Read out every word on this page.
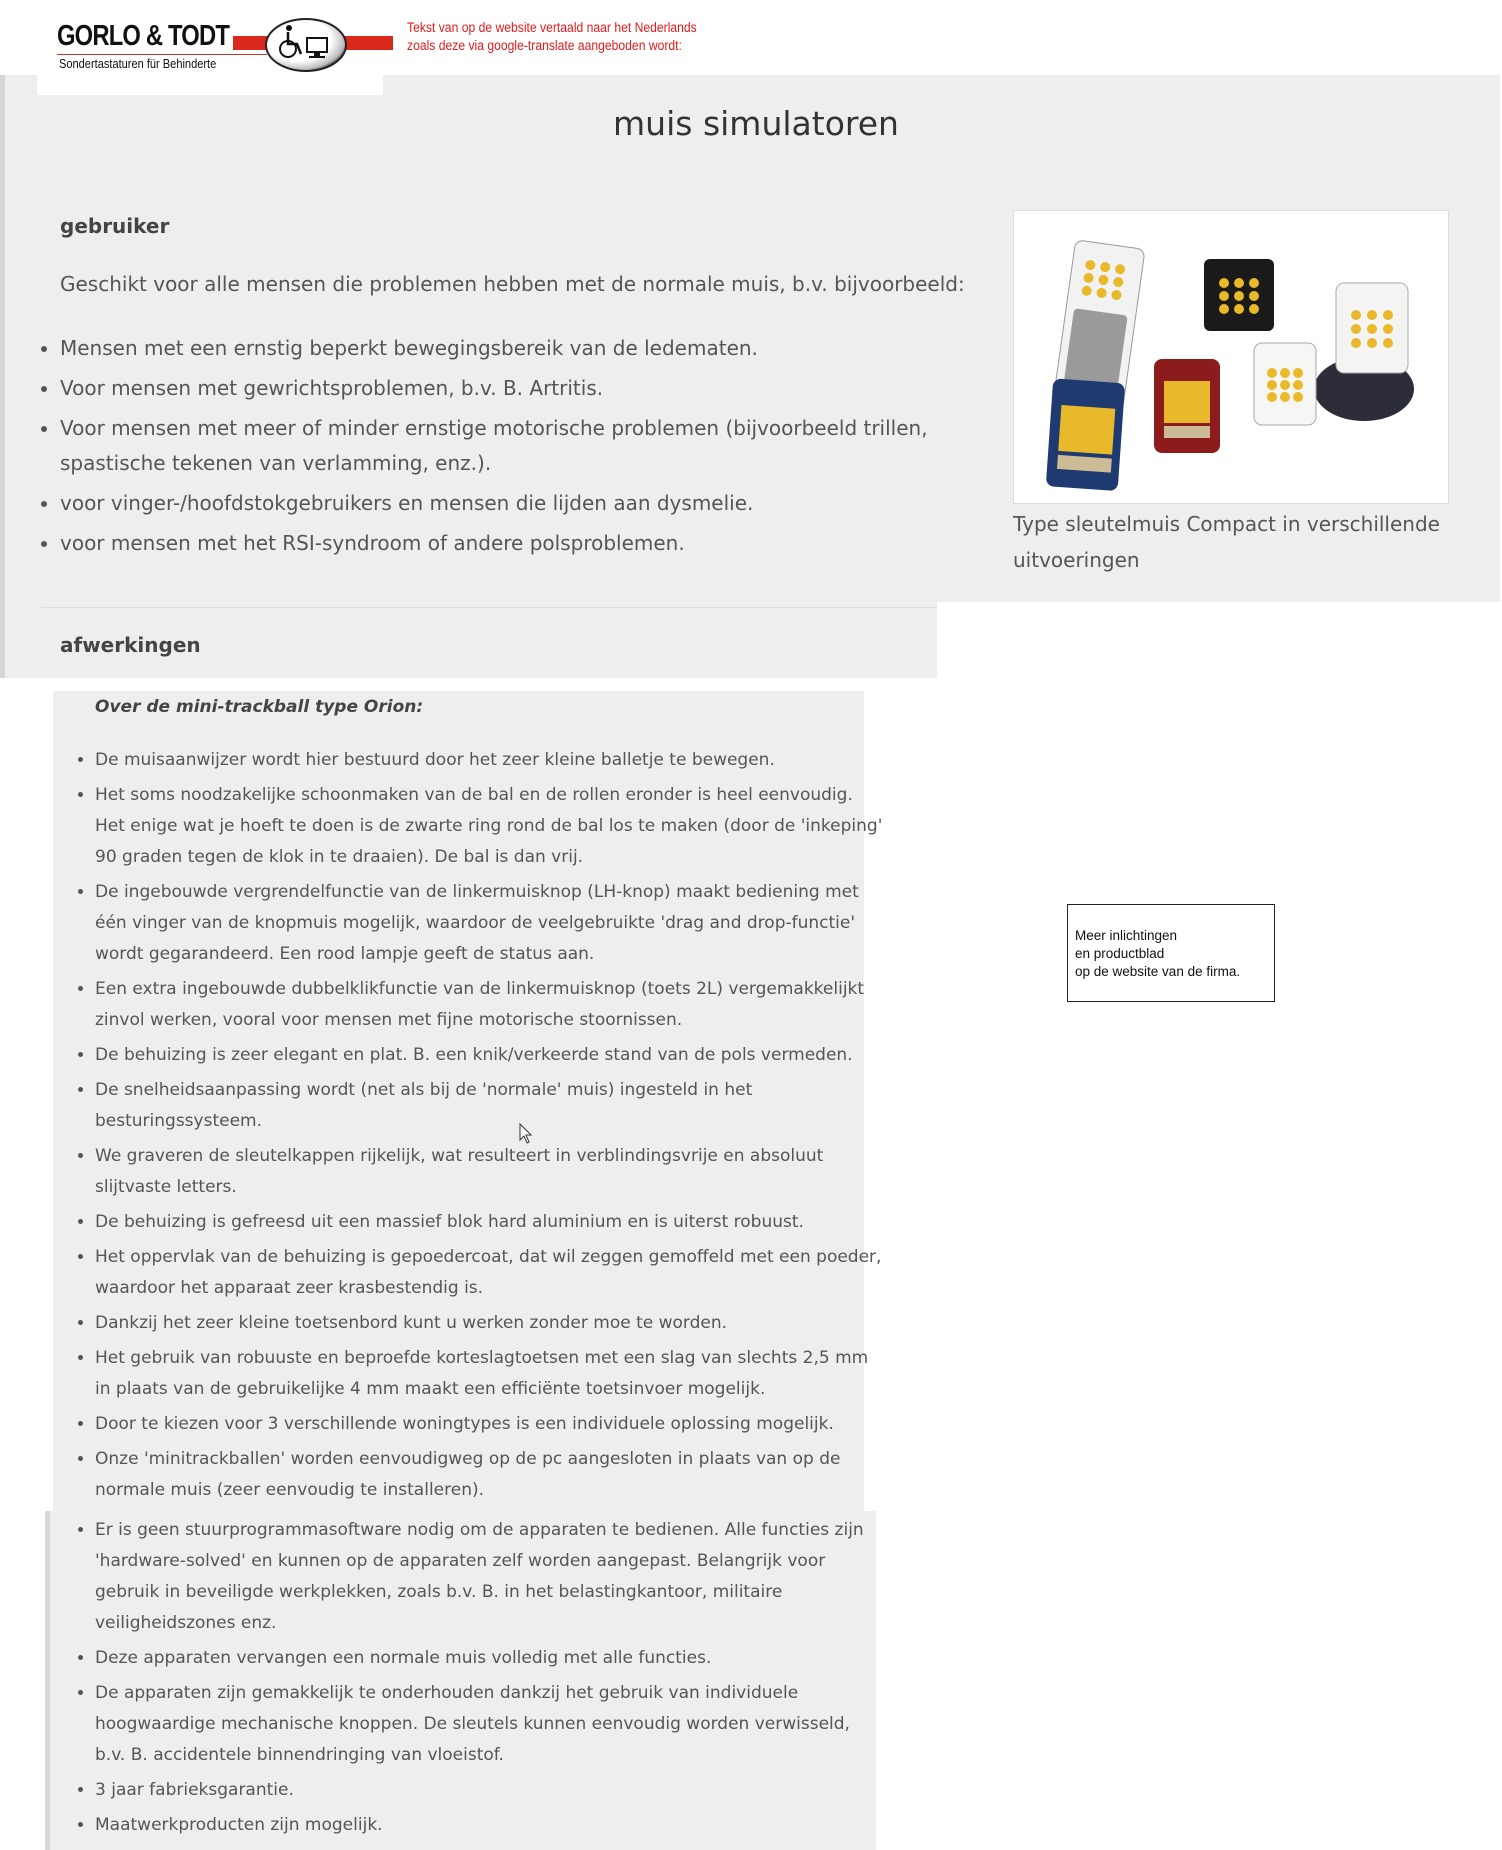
GORLO & TODT
Sondertastaturen für Behinderte
Tekst van op de website vertaald naar het Nederlands
zoals deze via google-translate aangeboden wordt:
muis simulatoren
gebruiker

Geschikt voor alle mensen die problemen hebben met de normale muis, b.v. bijvoorbeeld:

• Mensen met een ernstig beperkt bewegingsbereik van de ledematen.
• Voor mensen met gewrichtsproblemen, b.v. B. Artritis.
• Voor mensen met meer of minder ernstige motorische problemen (bijvoorbeeld trillen, spastische tekenen van verlamming, enz.).
• voor vinger-/hoofdstokgebruikers en mensen die lijden aan dysmelie.
• voor mensen met het RSI-syndroom of andere polsproblemen.
Type sleutelmuis Compact in verschillende uitvoeringen
afwerkingen
Over de mini-trackball type Orion:
• De muisaanwijzer wordt hier bestuurd door het zeer kleine balletje te bewegen.
• Het soms noodzakelijke schoonmaken van de bal en de rollen eronder is heel eenvoudig. Het enige wat je hoeft te doen is de zwarte ring rond de bal los te maken (door de 'inkeping' 90 graden tegen de klok in te draaien). De bal is dan vrij.
• De ingebouwde vergrendelfunctie van de linkermuisknop (LH-knop) maakt bediening met één vinger van de knopmuis mogelijk, waardoor de veelgebruikte 'drag and drop-functie' wordt gegarandeerd. Een rood lampje geeft de status aan.
• Een extra ingebouwde dubbelklikfunctie van de linkermuisknop (toets 2L) vergemakkelijkt zinvol werken, vooral voor mensen met fijne motorische stoornissen.
• De behuizing is zeer elegant en plat. B. een knik/verkeerde stand van de pols vermeden.
• De snelheidsaanpassing wordt (net als bij de 'normale' muis) ingesteld in het besturingssysteem.
• We graveren de sleutelkappen rijkelijk, wat resulteert in verblindingsvrije en absoluut slijtvaste letters.
• De behuizing is gefreesd uit een massief blok hard aluminium en is uiterst robuust.
• Het oppervlak van de behuizing is gepoedercoat, dat wil zeggen gemoffeld met een poeder, waardoor het apparaat zeer krasbestendig is.
• Dankzij het zeer kleine toetsenbord kunt u werken zonder moe te worden.
• Het gebruik van robuuste en beproefde korteslagtoetsen met een slag van slechts 2,5 mm in plaats van de gebruikelijke 4 mm maakt een efficiënte toetsinvoer mogelijk.
• Door te kiezen voor 3 verschillende woningtypes is een individuele oplossing mogelijk.
• Onze 'minitrackballen' worden eenvoudigweg op de pc aangesloten in plaats van op de normale muis (zeer eenvoudig te installeren).
• Er is geen stuurprogrammasoftware nodig om de apparaten te bedienen. Alle functies zijn 'hardware-solved' en kunnen op de apparaten zelf worden aangepast. Belangrijk voor gebruik in beveiligde werkplekken, zoals b.v. B. in het belastingkantoor, militaire veiligheidszones enz.
• Deze apparaten vervangen een normale muis volledig met alle functies.
• De apparaten zijn gemakkelijk te onderhouden dankzij het gebruik van individuele hoogwaardige mechanische knoppen. De sleutels kunnen eenvoudig worden verwisseld, b.v. B. accidentele binnendringing van vloeistof.
• 3 jaar fabrieksgarantie.
• Maatwerkproducten zijn mogelijk.
Meer inlichtingen
en productblad
op de website van de firma.
